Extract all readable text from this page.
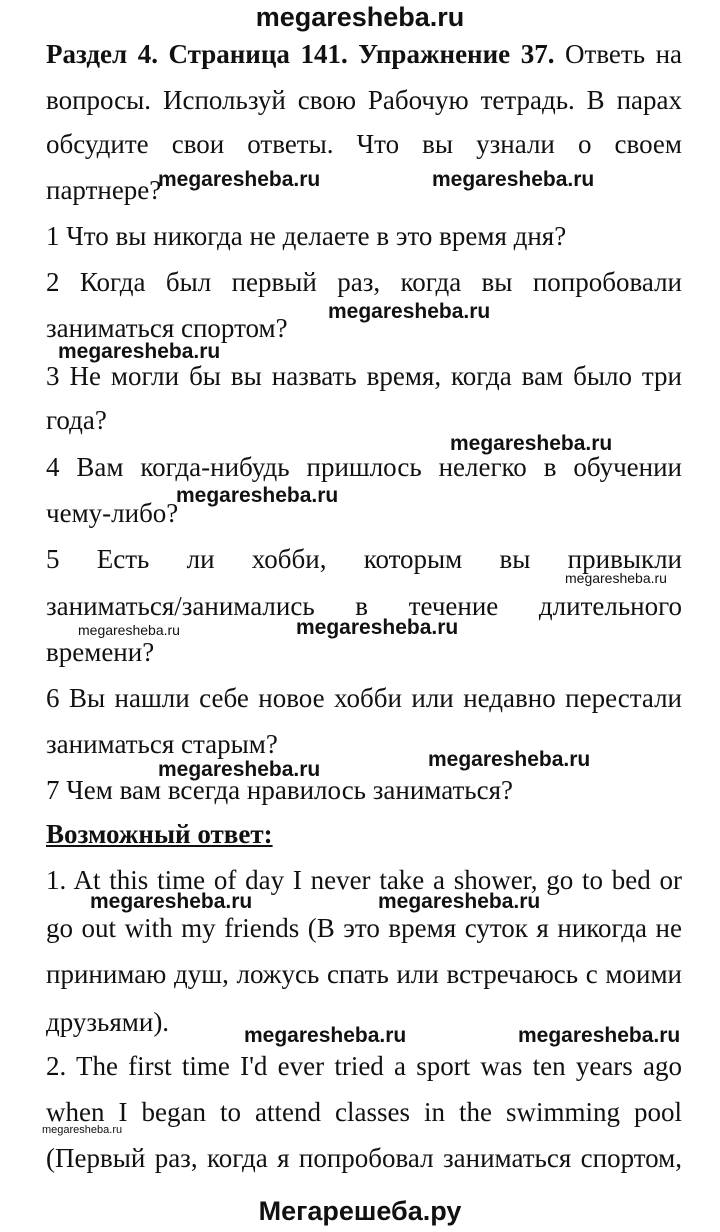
megaresheba.ru
Раздел 4. Страница 141. Упражнение 37. Ответь на
вопросы. Используй свою Рабочую тетрадь. В парах
обсудите свои ответы. Что вы узнали о своем
партнере?
1 Что вы никогда не делаете в это время дня?
2 Когда был первый раз, когда вы попробовали
заниматься спортом?
3 Не могли бы вы назвать время, когда вам было три
года?
4 Вам когда-нибудь пришлось нелегко в обучении
чему-либо?
5 Есть ли хобби, которым вы привыкли
заниматься/занимались в течение длительного
времени?
6 Вы нашли себе новое хобби или недавно перестали
заниматься старым?
7 Чем вам всегда нравилось заниматься?
Возможный ответ:
1. At this time of day I never take a shower, go to bed or
go out with my friends (В это время суток я никогда не
принимаю душ, ложусь спать или встречаюсь с моими
друзьями).
2. The first time I'd ever tried a sport was ten years ago
when I began to attend classes in the swimming pool
(Первый раз, когда я попробовал заниматься спортом,
Мегарешеба.ру
megaresheba.ru	megaresheba.ru
megaresheba.ru
megaresheba.ru
megaresheba.ru
megaresheba.ru
megaresheba.ru
megaresheba.ru	megaresheba.ru
megaresheba.ru
megaresheba.ru
megaresheba.ru	megaresheba.ru
megaresheba.ru	megaresheba.ru
megaresheba.ru
